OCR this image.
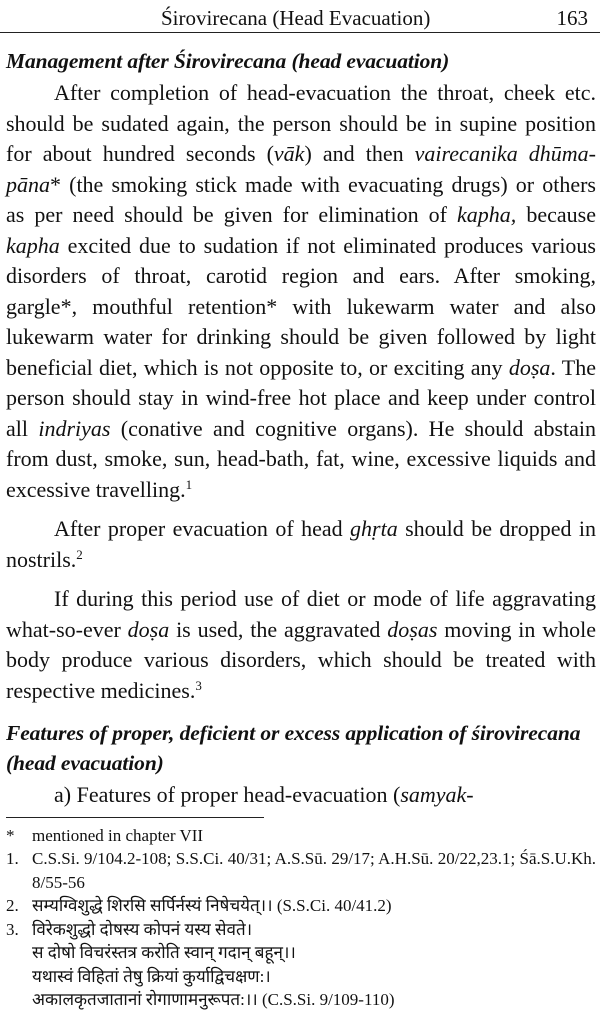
Śirovirecana (Head Evacuation)	163
Management after Śirovirecana (head evacuation)

After completion of head-evacuation the throat, cheek etc. should be sudated again, the person should be in supine position for about hundred seconds (vāk) and then vairecanika dhūma-pāna* (the smoking stick made with evacuating drugs) or others as per need should be given for elimination of kapha, because kapha excited due to sudation if not eliminated produces various disorders of throat, carotid region and ears. After smoking, gargle*, mouthful retention* with lukewarm water and also lukewarm water for drinking should be given followed by light beneficial diet, which is not opposite to, or exciting any doṣa. The person should stay in wind-free hot place and keep under control all indriyas (conative and cognitive organs). He should abstain from dust, smoke, sun, head-bath, fat, wine, excessive liquids and excessive travelling.$^1$

After proper evacuation of head ghṛta should be dropped in nostrils.$^2$

If during this period use of diet or mode of life aggravating what-so-ever doṣa is used, the aggravated doṣas moving in whole body produce various disorders, which should be treated with respective medicines.$^3$

Features of proper, deficient or excess application of śirovirecana (head evacuation)

a) Features of proper head-evacuation (samyak-

*	mentioned in chapter VII
1. C.S.Si. 9/104.2-108; S.S.Ci. 40/31; A.S.Sū. 29/17; A.H.Sū. 20/22,23.1; Śā.S.U.Kh. 8/55-56
2. सम्यग्विशुद्धे शिरसि सर्पिर्नस्यं निषेचयेत्।। (S.S.Ci. 40/41.2)
3. विरेकशुद्धो दोषस्य कोपनं यस्य सेवते।
स दोषो विचरंस्तत्र करोति स्वान् गदान् बहून्।।
यथास्वं विहितां तेषु क्रियां कुर्याद्विचक्षण:।
अकालकृतजातानां रोगाणामनुरूपत:।। (C.S.Si. 9/109-110)
